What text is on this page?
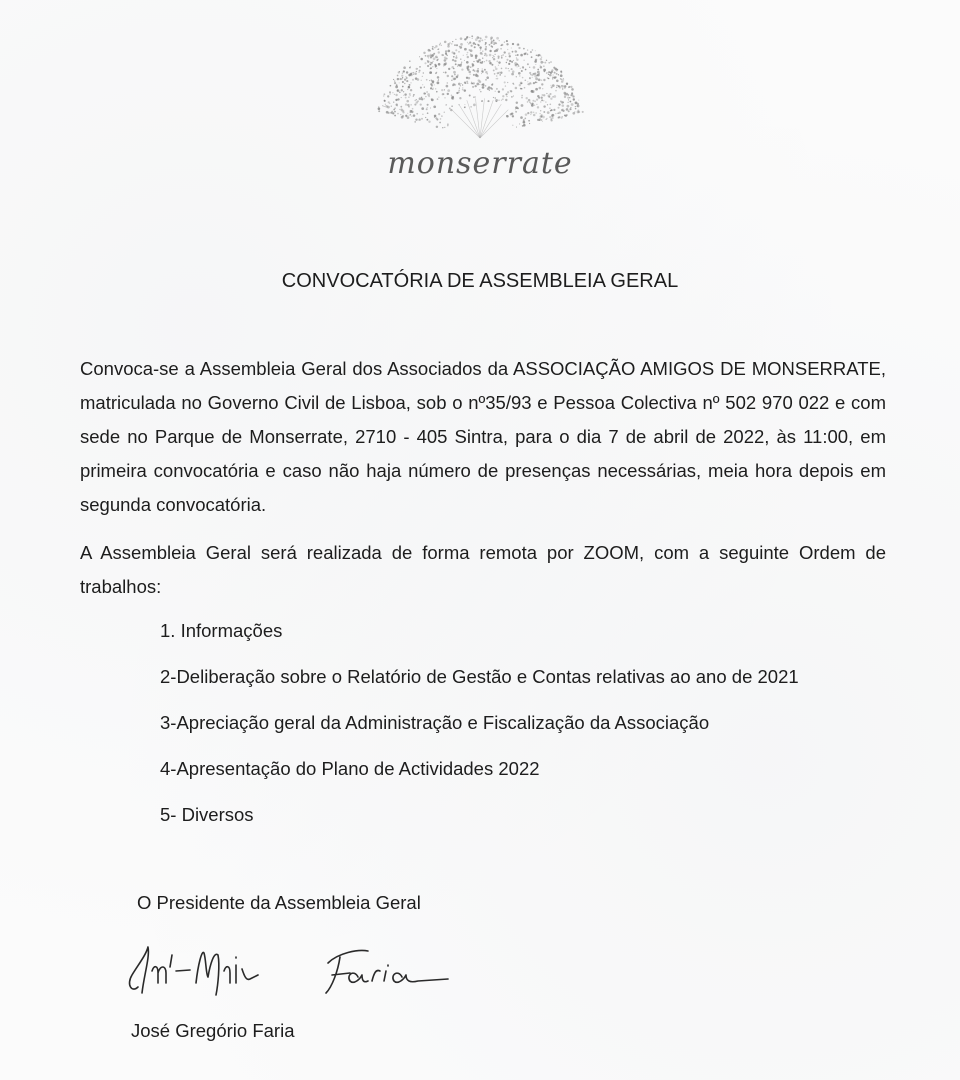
monserrate
CONVOCATÓRIA DE ASSEMBLEIA GERAL
Convoca-se a Assembleia Geral dos Associados da ASSOCIAÇÃO AMIGOS DE MONSERRATE, matriculada no Governo Civil de Lisboa, sob o nº35/93 e Pessoa Colectiva nº 502 970 022 e com sede no Parque de Monserrate, 2710 - 405 Sintra, para o dia 7 de abril de 2022, às 11:00, em primeira convocatória e caso não haja número de presenças necessárias, meia hora depois em segunda convocatória.
A Assembleia Geral será realizada de forma remota por ZOOM, com a seguinte Ordem de trabalhos:
1. Informações
2-Deliberação sobre o Relatório de Gestão e Contas relativas ao ano de 2021
3-Apreciação geral da Administração e Fiscalização da Associação
4-Apresentação do Plano de Actividades 2022
5- Diversos
O Presidente da Assembleia Geral
José Gregório Faria
